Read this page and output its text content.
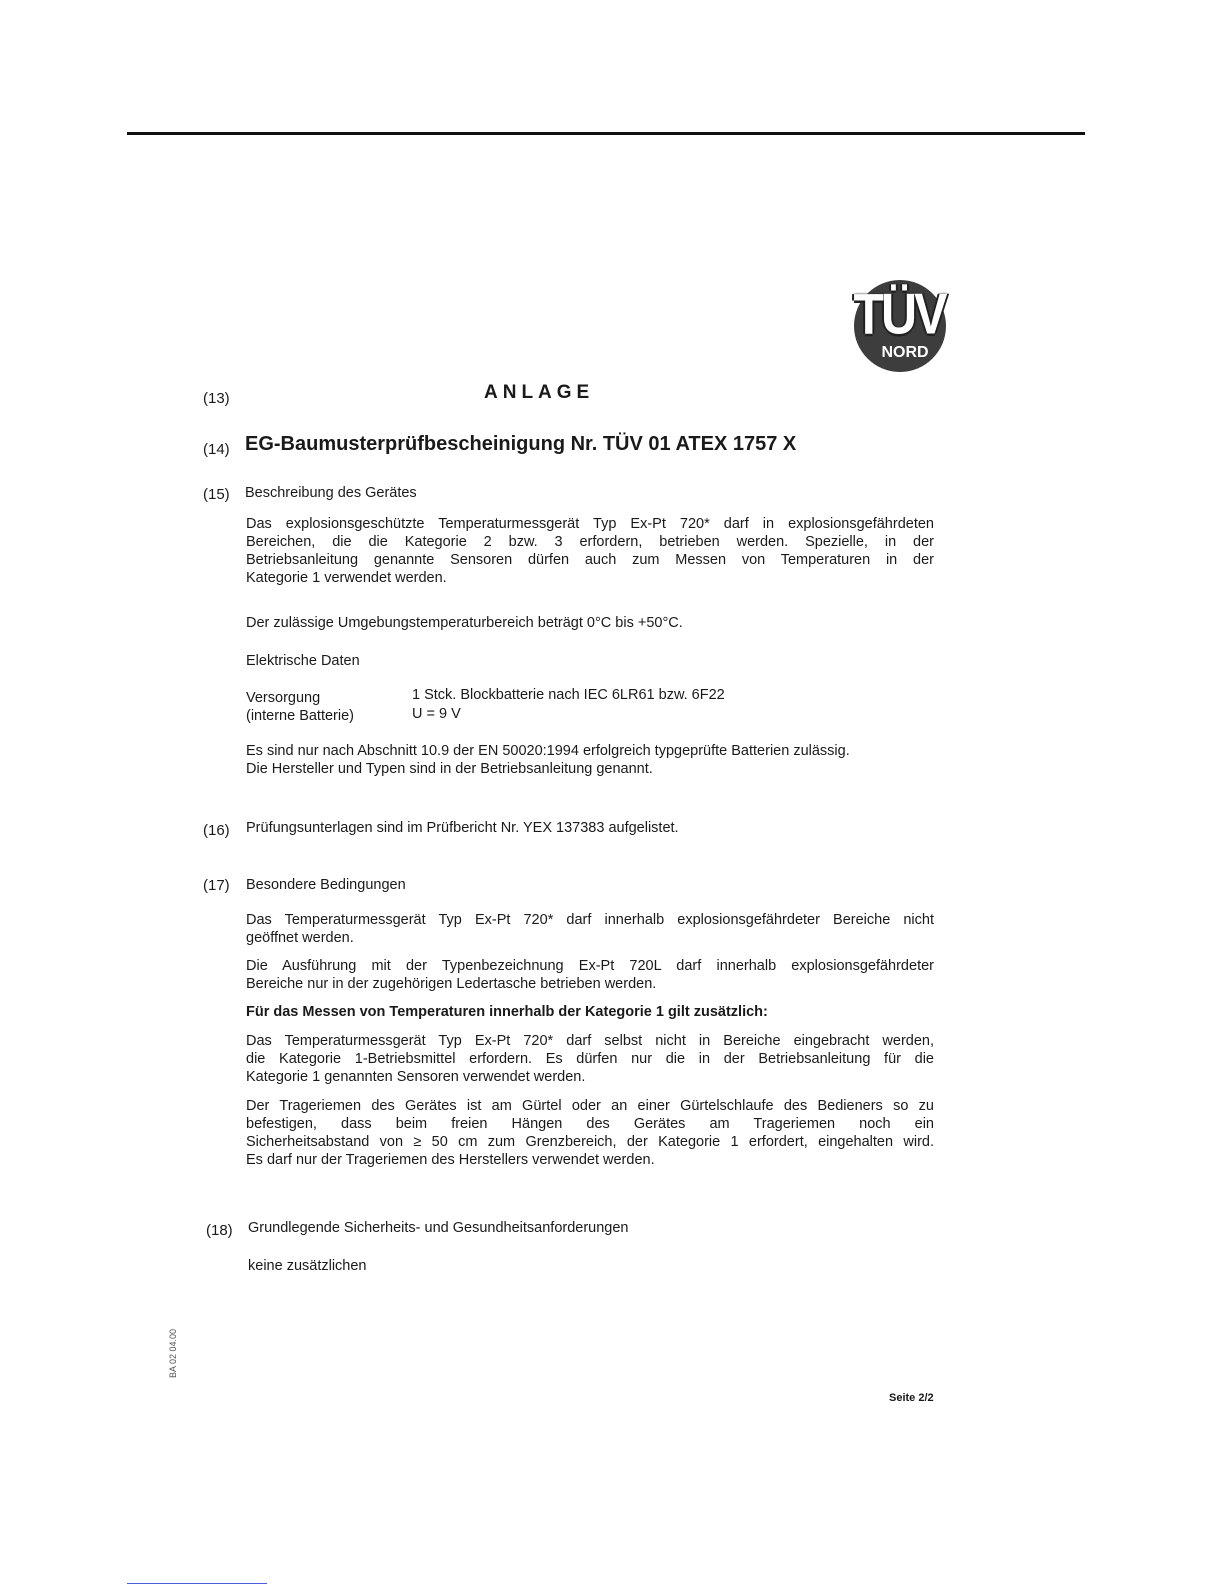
TÜV
NORD
(13)	ANLAGE
(14) EG-Baumusterprüfbescheinigung Nr. TÜV 01 ATEX 1757 X
(15) Beschreibung des Gerätes
Das explosionsgeschützte Temperaturmessgerät Typ Ex-Pt 720* darf in explosionsgefährdeten
Bereichen, die die Kategorie 2 bzw. 3 erfordern, betrieben werden. Spezielle, in der
Betriebsanleitung genannte Sensoren dürfen auch zum Messen von Temperaturen in der
Kategorie 1 verwendet werden.
Der zulässige Umgebungstemperaturbereich beträgt 0°C bis +50°C.
Elektrische Daten
Versorgung	1 Stck. Blockbatterie nach IEC 6LR61 bzw. 6F22
(interne Batterie)	U = 9 V
Es sind nur nach Abschnitt 10.9 der EN 50020:1994 erfolgreich typgeprüfte Batterien zulässig.
Die Hersteller und Typen sind in der Betriebsanleitung genannt.
(16) Prüfungsunterlagen sind im Prüfbericht Nr. YEX 137383 aufgelistet.
(17) Besondere Bedingungen
Das Temperaturmessgerät Typ Ex-Pt 720* darf innerhalb explosionsgefährdeter Bereiche nicht
geöffnet werden.
Die Ausführung mit der Typenbezeichnung Ex-Pt 720L darf innerhalb explosionsgefährdeter
Bereiche nur in der zugehörigen Ledertasche betrieben werden.
Für das Messen von Temperaturen innerhalb der Kategorie 1 gilt zusätzlich:
Das Temperaturmessgerät Typ Ex-Pt 720* darf selbst nicht in Bereiche eingebracht werden,
die Kategorie 1-Betriebsmittel erfordern. Es dürfen nur die in der Betriebsanleitung für die
Kategorie 1 genannten Sensoren verwendet werden.
Der Trageriemen des Gerätes ist am Gürtel oder an einer Gürtelschlaufe des Bedieners so zu
befestigen, dass beim freien Hängen des Gerätes am Trageriemen noch ein
Sicherheitsabstand von ≥ 50 cm zum Grenzbereich, der Kategorie 1 erfordert, eingehalten wird.
Es darf nur der Trageriemen des Herstellers verwendet werden.
(18) Grundlegende Sicherheits- und Gesundheitsanforderungen
keine zusätzlichen
BA 02 04.00
Seite 2/2
